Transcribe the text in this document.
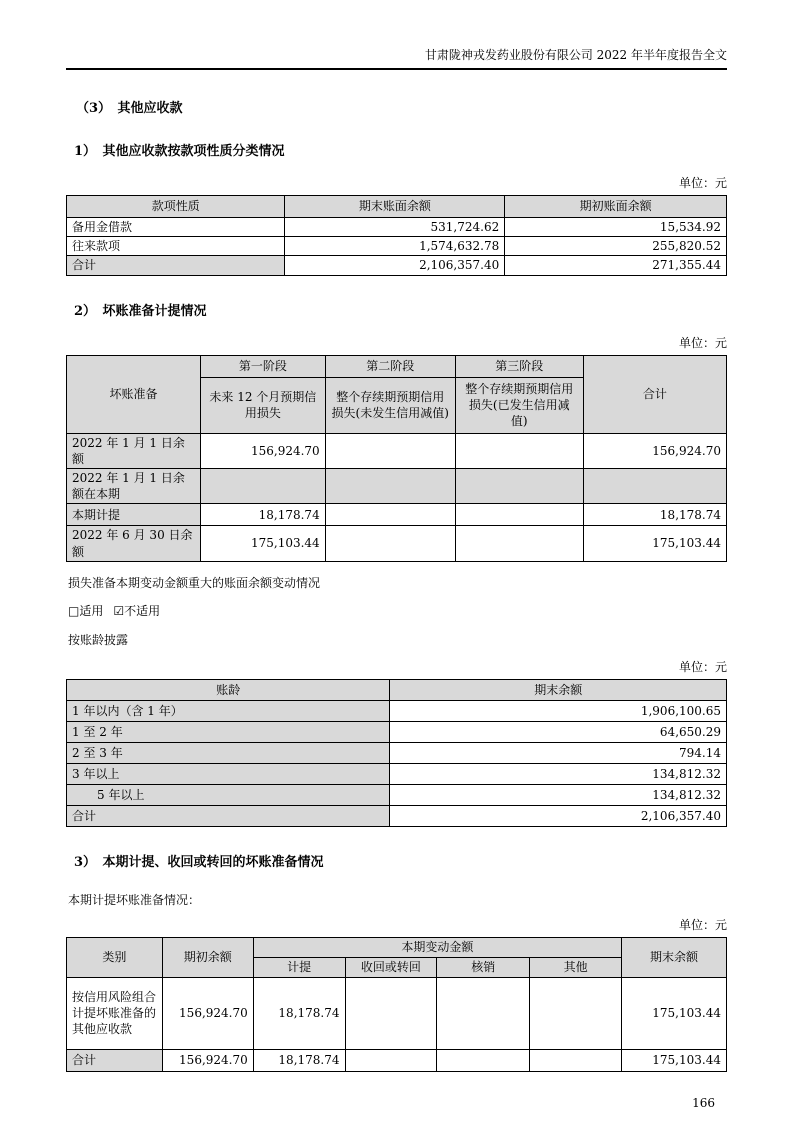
甘肃陇神戎发药业股份有限公司 2022 年半年度报告全文
（3）　其他应收款
1）　其他应收款按款项性质分类情况
单位：元
款项性质	期末账面余额	期初账面余额
备用金借款	531,724.62	15,534.92
往来款项	1,574,632.78	255,820.52
合计	2,106,357.40	271,355.44
2）　坏账准备计提情况
单位：元
坏账准备	第一阶段	第二阶段	第三阶段	合计
	未来 12 个月预期信用损失	整个存续期预期信用损失(未发生信用减值)	整个存续期预期信用损失(已发生信用减值)	
2022 年 1 月 1 日余额	156,924.70			156,924.70
2022 年 1 月 1 日余额在本期				
本期计提	18,178.74			18,178.74
2022 年 6 月 30 日余额	175,103.44			175,103.44
损失准备本期变动金额重大的账面余额变动情况
□适用 ☑不适用
按账龄披露
单位：元
账龄	期末余额
1 年以内（含 1 年）	1,906,100.65
1 至 2 年	64,650.29
2 至 3 年	794.14
3 年以上	134,812.32
5 年以上	134,812.32
合计	2,106,357.40
3）　本期计提、收回或转回的坏账准备情况
本期计提坏账准备情况：
单位：元
类别	期初余额	本期变动金额				期末余额
		计提	收回或转回	核销	其他	
按信用风险组合计提坏账准备的其他应收款	156,924.70	18,178.74				175,103.44
合计	156,924.70	18,178.74				175,103.44
166
